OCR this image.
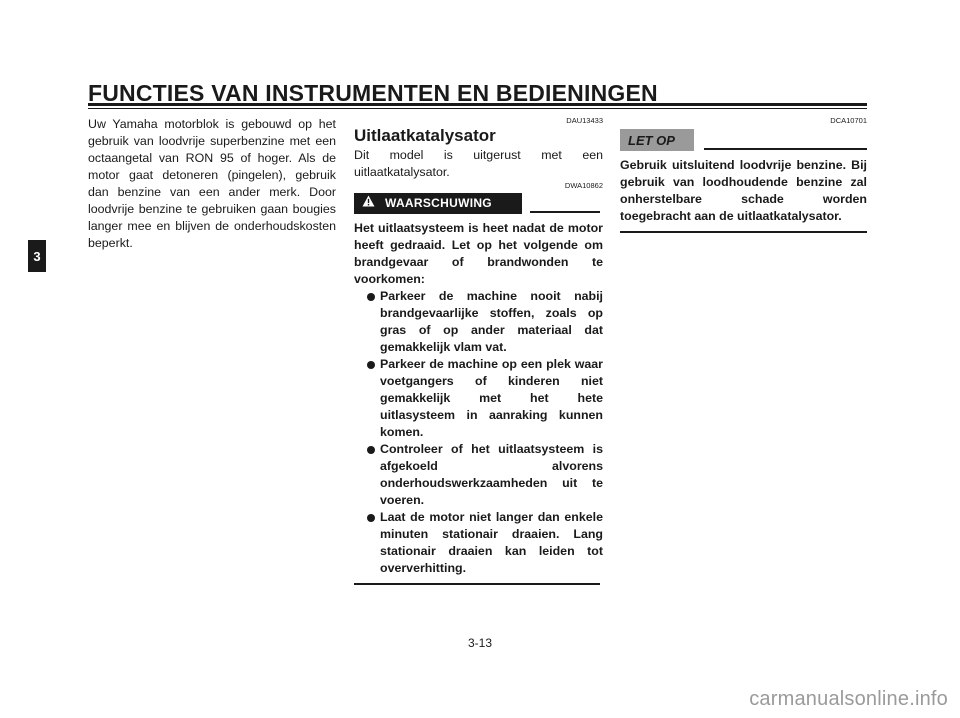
FUNCTIES VAN INSTRUMENTEN EN BEDIENINGEN
3

Uw Yamaha motorblok is gebouwd op het gebruik van loodvrije superbenzine met een octaangetal van RON 95 of hoger. Als de motor gaat detoneren (pingelen), gebruik dan benzine van een ander merk. Door loodvrije benzine te gebruiken gaan bougies langer mee en blijven de onderhoudskosten beperkt.

DAU13433
Uitlaatkatalysator

Dit model is uitgerust met een uitlaatkatalysator.

DWA10862
WAARSCHUWING

Het uitlaatsysteem is heet nadat de motor heeft gedraaid. Let op het volgende om brandgevaar of brandwonden te voorkomen:

Parkeer de machine nooit nabij brandgevaarlijke stoffen, zoals op gras of op ander materiaal dat gemakkelijk vlam vat.
Parkeer de machine op een plek waar voetgangers of kinderen niet gemakkelijk met het hete uitlasysteem in aanraking kunnen komen.
Controleer of het uitlaatsysteem is afgekoeld alvorens onderhoudswerkzaamheden uit te voeren.
Laat de motor niet langer dan enkele minuten stationair draaien. Lang stationair draaien kan leiden tot oververhitting.
DCA10701
LET OP

Gebruik uitsluitend loodvrije benzine. Bij gebruik van loodhoudende benzine zal onherstelbare schade worden toegebracht aan de uitlaatkatalysator.

3-13
carmanualsonline.info
